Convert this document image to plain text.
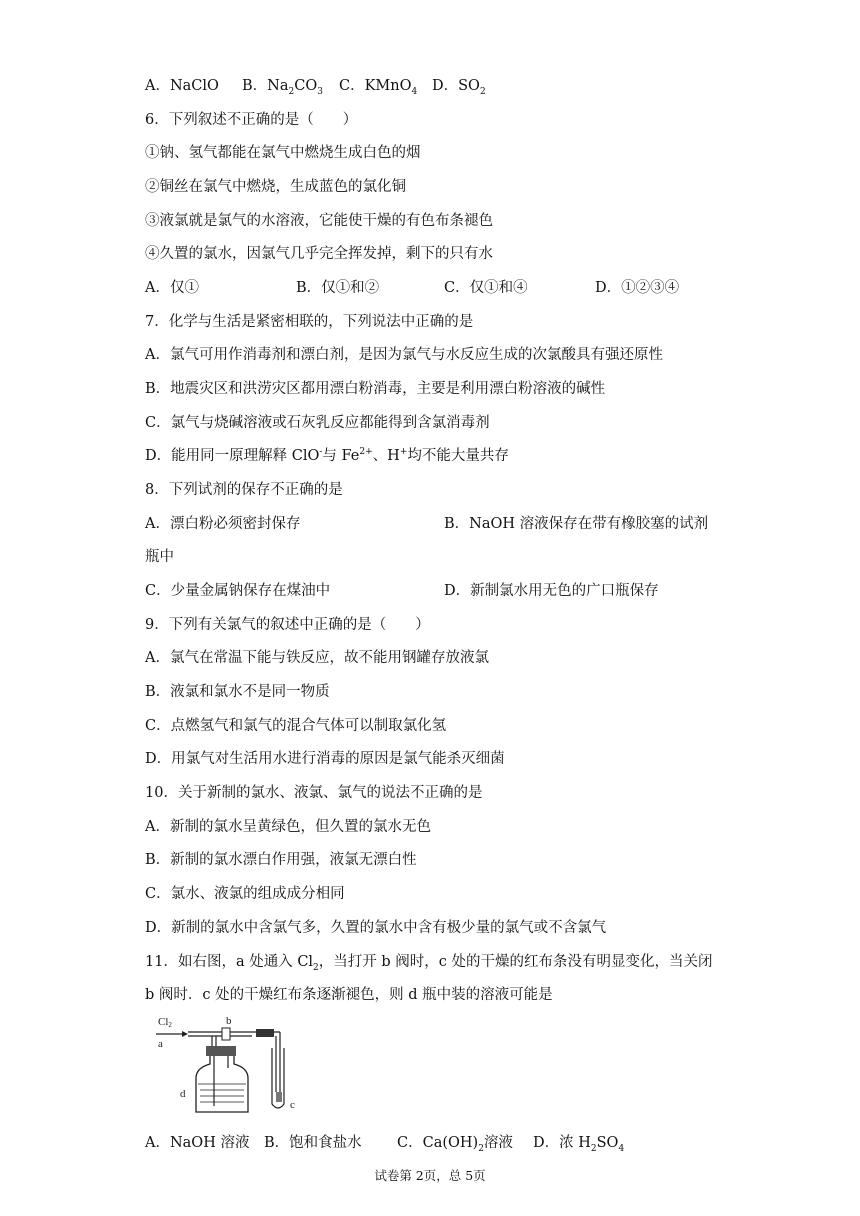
A．NaClO B．$Na_2CO_3$ C．KMnO$_4$ D．$SO_2$
6．下列叙述不正确的是（　　）
①钠、氢气都能在氯气中燃烧生成白色的烟
②铜丝在氯气中燃烧，生成蓝色的氯化铜
③液氯就是氯气的水溶液，它能使干燥的有色布条褪色
④久置的氯水，因氯气几乎完全挥发掉，剩下的只有水
A．仅①	B．仅①和②	C．仅①和④	D．①②③④
7．化学与生活是紧密相联的，下列说法中正确的是
A．氯气可用作消毒剂和漂白剂，是因为氯气与水反应生成的次氯酸具有强还原性
B．地震灾区和洪涝灾区都用漂白粉消毒，主要是利用漂白粉溶液的碱性
C．氯气与烧碱溶液或石灰乳反应都能得到含氯消毒剂
D．能用同一原理解释 ClO-与 $Fe^{2+}$、H+均不能大量共存
8．下列试剂的保存不正确的是
A．漂白粉必须密封保存	B．NaOH 溶液保存在带有橡胶塞的试剂
瓶中
C．少量金属钠保存在煤油中	D．新制氯水用无色的广口瓶保存
9．下列有关氯气的叙述中正确的是（　　）
A．氯气在常温下能与铁反应，故不能用钢罐存放液氯
B．液氯和氯水不是同一物质
C．点燃氢气和氯气的混合气体可以制取氯化氢
D．用氯气对生活用水进行消毒的原因是氯气能杀灭细菌
10．关于新制的氯水、液氯、氯气的说法不正确的是
A．新制的氯水呈黄绿色，但久置的氯水无色
B．新制的氯水漂白作用强，液氯无漂白性
C．氯水、液氯的组成成分相同
D．新制的氯水中含氯气多，久置的氯水中含有极少量的氯气或不含氯气
11．如右图，a 处通入 $Cl_2$，当打开 b 阀时，c 处的干燥的红布条没有明显变化，当关闭
b 阀时．c 处的干燥红布条逐渐褪色，则 d 瓶中装的溶液可能是
Cl2
a
b
d
c
A．NaOH 溶液 B．饱和食盐水 C．$Ca(OH)_2$溶液 D．浓 $H_2SO_4$
试卷第 2页，总 5页
